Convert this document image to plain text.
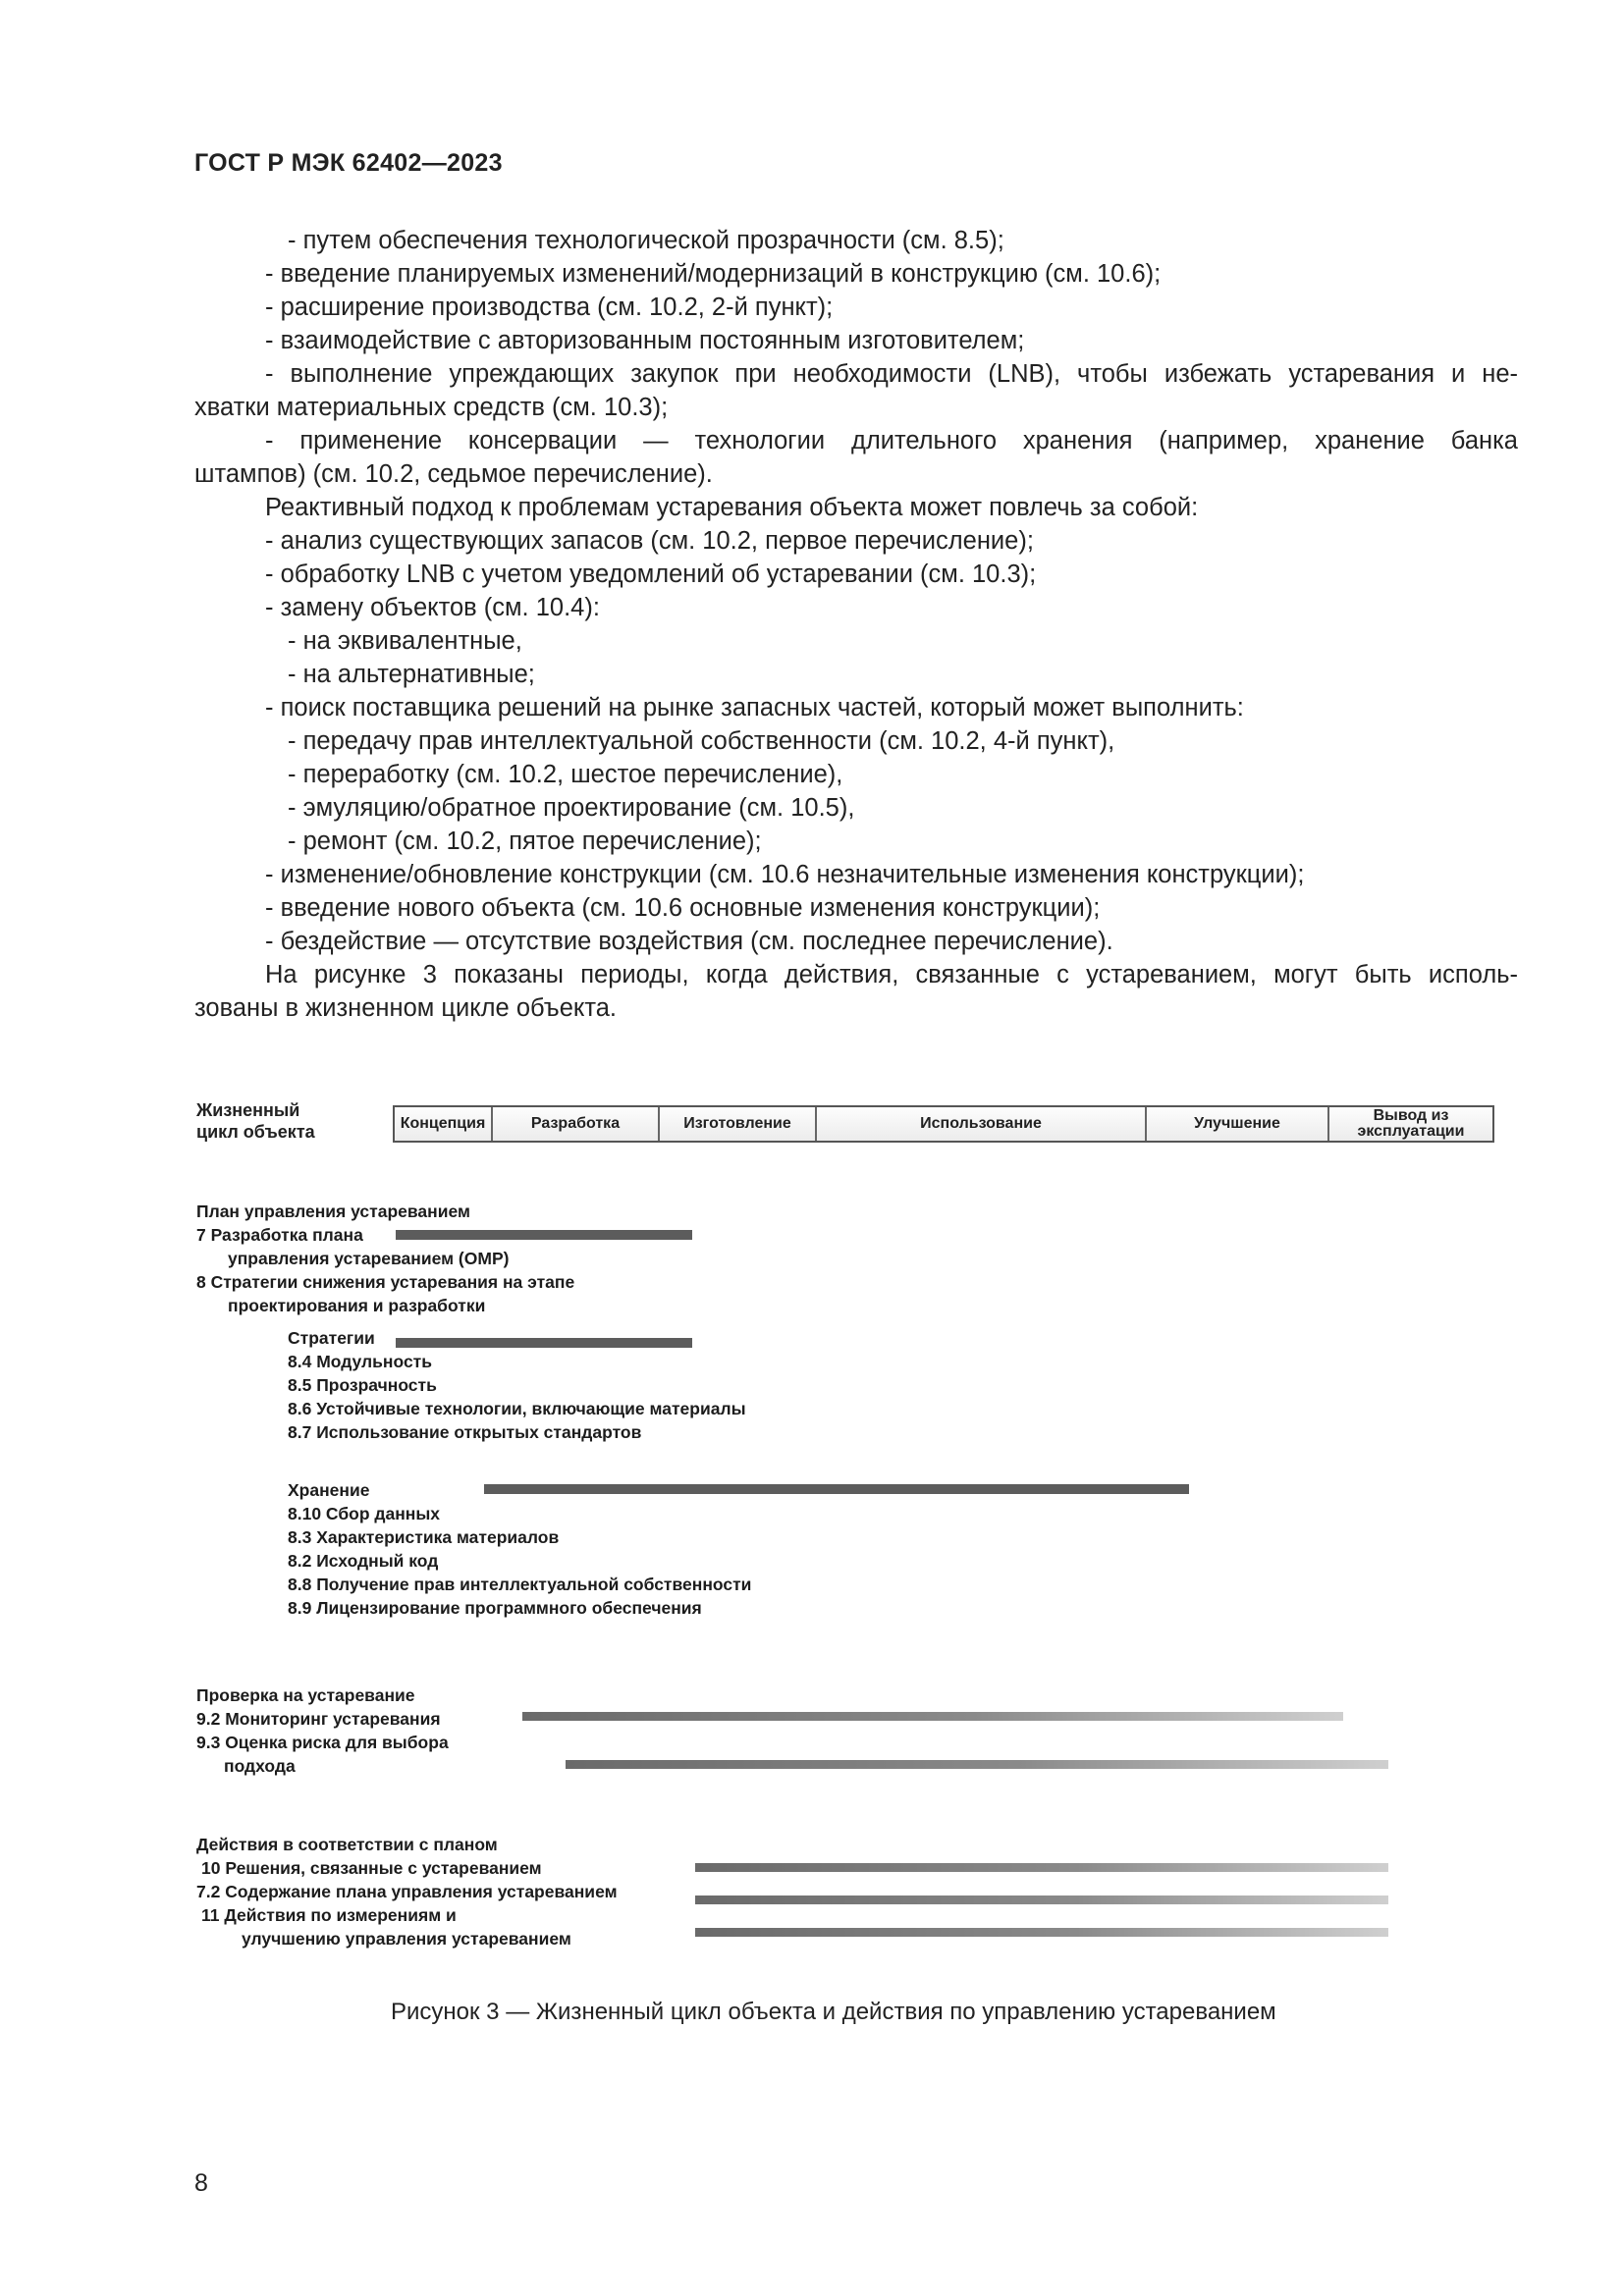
ГОСТ Р МЭК 62402—2023
- путем обеспечения технологической прозрачности (см. 8.5);
- введение планируемых изменений/модернизаций в конструкцию (см. 10.6);
- расширение производства (см. 10.2, 2-й пункт);
- взаимодействие с авторизованным постоянным изготовителем;
- выполнение упреждающих закупок при необходимости (LNB), чтобы избежать устаревания и не-
хватки материальных средств (см. 10.3);
- применение консервации — технологии длительного хранения (например, хранение банка
штампов) (см. 10.2, седьмое перечисление).
Реактивный подход к проблемам устаревания объекта может повлечь за собой:
- анализ существующих запасов (см. 10.2, первое перечисление);
- обработку LNB с учетом уведомлений об устаревании (см. 10.3);
- замену объектов (см. 10.4):
- на эквивалентные,
- на альтернативные;
- поиск поставщика решений на рынке запасных частей, который может выполнить:
- передачу прав интеллектуальной собственности (см. 10.2, 4-й пункт),
- переработку (см. 10.2, шестое перечисление),
- эмуляцию/обратное проектирование (см. 10.5),
- ремонт (см. 10.2, пятое перечисление);
- изменение/обновление конструкции (см. 10.6 незначительные изменения конструкции);
- введение нового объекта (см. 10.6 основные изменения конструкции);
- бездействие — отсутствие воздействия (см. последнее перечисление).
На рисунке 3 показаны периоды, когда действия, связанные с устареванием, могут быть исполь-
зованы в жизненном цикле объекта.
Жизненный
цикл объекта	Концепция	Разработка	Изготовление	Использование	Улучшение	Вывод из
эксплуатации
План управления устареванием
7 Разработка плана
управления устареванием (OMP)
8 Стратегии снижения устаревания на этапе
проектирования и разработки
Стратегии
8.4 Модульность
8.5 Прозрачность
8.6 Устойчивые технологии, включающие материалы
8.7 Использование открытых стандартов
Хранение
8.10 Сбор данных
8.3 Характеристика материалов
8.2 Исходный код
8.8 Получение прав интеллектуальной собственности
8.9 Лицензирование программного обеспечения
Проверка на устаревание
9.2 Мониторинг устаревания
9.3 Оценка риска для выбора
подхода
Действия в соответствии с планом
10 Решения, связанные с устареванием
7.2 Содержание плана управления устареванием
11 Действия по измерениям и
улучшению управления устареванием
Рисунок 3 — Жизненный цикл объекта и действия по управлению устареванием
8
